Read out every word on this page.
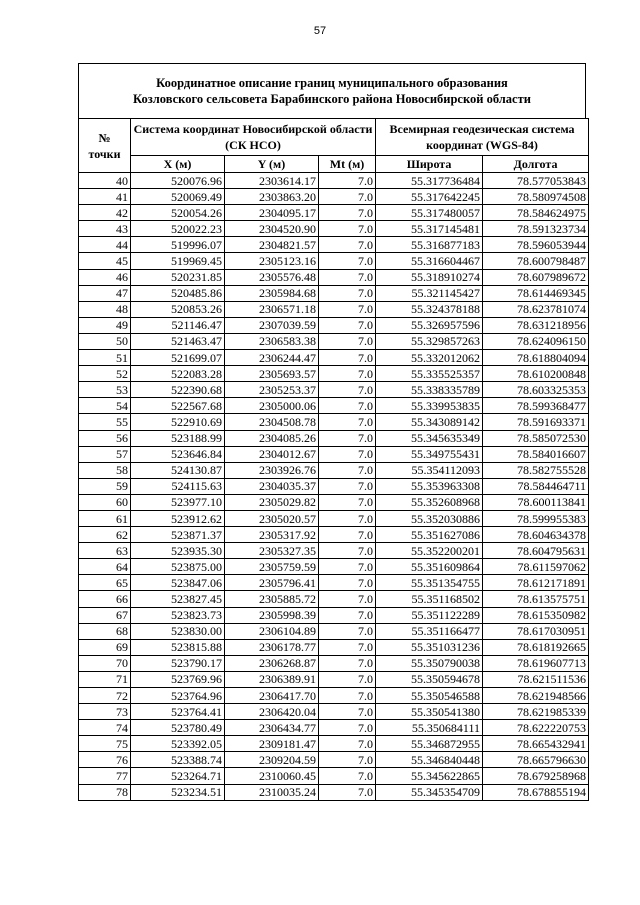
57
Координатное описание границ муниципального образования
Козловского сельсовета Барабинского района Новосибирской области
№ точки	Система координат Новосибирской области (СК НСО)			Всемирная геодезическая система координат (WGS-84)	
	X (м)	Y (м)	Mt (м)	Широта	Долгота
40	520076.96	2303614.17	7.0	55.317736484	78.577053843
41	520069.49	2303863.20	7.0	55.317642245	78.580974508
42	520054.26	2304095.17	7.0	55.317480057	78.584624975
43	520022.23	2304520.90	7.0	55.317145481	78.591323734
44	519996.07	2304821.57	7.0	55.316877183	78.596053944
45	519969.45	2305123.16	7.0	55.316604467	78.600798487
46	520231.85	2305576.48	7.0	55.318910274	78.607989672
47	520485.86	2305984.68	7.0	55.321145427	78.614469345
48	520853.26	2306571.18	7.0	55.324378188	78.623781074
49	521146.47	2307039.59	7.0	55.326957596	78.631218956
50	521463.47	2306583.38	7.0	55.329857263	78.624096150
51	521699.07	2306244.47	7.0	55.332012062	78.618804094
52	522083.28	2305693.57	7.0	55.335525357	78.610200848
53	522390.68	2305253.37	7.0	55.338335789	78.603325353
54	522567.68	2305000.06	7.0	55.339953835	78.599368477
55	522910.69	2304508.78	7.0	55.343089142	78.591693371
56	523188.99	2304085.26	7.0	55.345635349	78.585072530
57	523646.84	2304012.67	7.0	55.349755431	78.584016607
58	524130.87	2303926.76	7.0	55.354112093	78.582755528
59	524115.63	2304035.37	7.0	55.353963308	78.584464711
60	523977.10	2305029.82	7.0	55.352608968	78.600113841
61	523912.62	2305020.57	7.0	55.352030886	78.599955383
62	523871.37	2305317.92	7.0	55.351627086	78.604634378
63	523935.30	2305327.35	7.0	55.352200201	78.604795631
64	523875.00	2305759.59	7.0	55.351609864	78.611597062
65	523847.06	2305796.41	7.0	55.351354755	78.612171891
66	523827.45	2305885.72	7.0	55.351168502	78.613575751
67	523823.73	2305998.39	7.0	55.351122289	78.615350982
68	523830.00	2306104.89	7.0	55.351166477	78.617030951
69	523815.88	2306178.77	7.0	55.351031236	78.618192665
70	523790.17	2306268.87	7.0	55.350790038	78.619607713
71	523769.96	2306389.91	7.0	55.350594678	78.621511536
72	523764.96	2306417.70	7.0	55.350546588	78.621948566
73	523764.41	2306420.04	7.0	55.350541380	78.621985339
74	523780.49	2306434.77	7.0	55.350684111	78.622220753
75	523392.05	2309181.47	7.0	55.346872955	78.665432941
76	523388.74	2309204.59	7.0	55.346840448	78.665796630
77	523264.71	2310060.45	7.0	55.345622865	78.679258968
78	523234.51	2310035.24	7.0	55.345354709	78.678855194
